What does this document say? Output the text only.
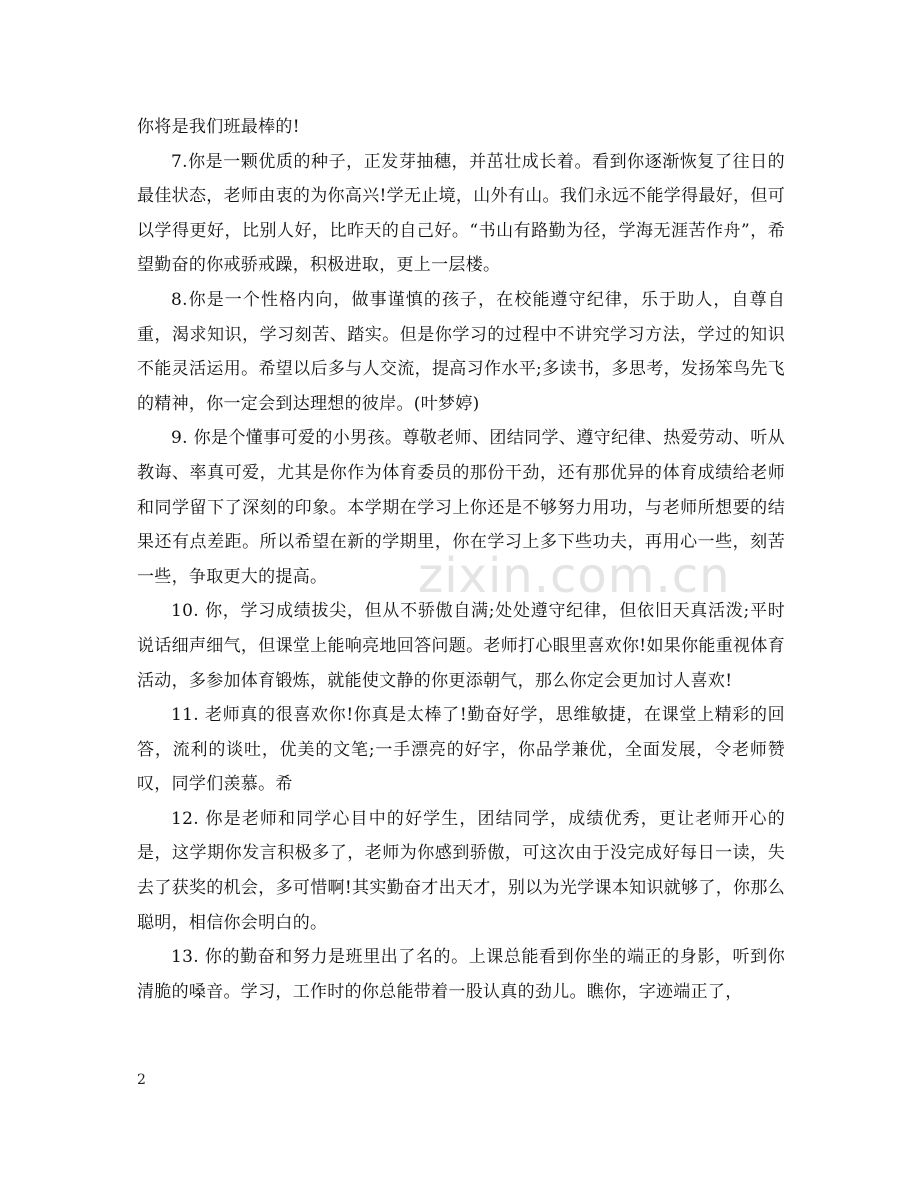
你将是我们班最棒的!

7.你是一颗优质的种子，正发芽抽穗，并茁壮成长着。看到你逐渐恢复了往日的最佳状态，老师由衷的为你高兴!学无止境，山外有山。我们永远不能学得最好，但可以学得更好，比别人好，比昨天的自己好。“书山有路勤为径，学海无涯苦作舟”，希望勤奋的你戒骄戒躁，积极进取，更上一层楼。

8.你是一个性格内向，做事谨慎的孩子，在校能遵守纪律，乐于助人，自尊自重，渴求知识，学习刻苦、踏实。但是你学习的过程中不讲究学习方法，学过的知识不能灵活运用。希望以后多与人交流，提高习作水平;多读书，多思考，发扬笨鸟先飞的精神，你一定会到达理想的彼岸。(叶梦婷)

9. 你是个懂事可爱的小男孩。尊敬老师、团结同学、遵守纪律、热爱劳动、听从教诲、率真可爱，尤其是你作为体育委员的那份干劲，还有那优异的体育成绩给老师和同学留下了深刻的印象。本学期在学习上你还是不够努力用功，与老师所想要的结果还有点差距。所以希望在新的学期里，你在学习上多下些功夫，再用心一些，刻苦一些，争取更大的提高。

10. 你，学习成绩拔尖，但从不骄傲自满;处处遵守纪律，但依旧天真活泼;平时说话细声细气，但课堂上能响亮地回答问题。老师打心眼里喜欢你!如果你能重视体育活动，多参加体育锻炼，就能使文静的你更添朝气，那么你定会更加讨人喜欢!

11. 老师真的很喜欢你!你真是太棒了!勤奋好学，思维敏捷，在课堂上精彩的回答，流利的谈吐，优美的文笔;一手漂亮的好字，你品学兼优，全面发展，令老师赞叹，同学们羡慕。希

12. 你是老师和同学心目中的好学生，团结同学，成绩优秀，更让老师开心的是，这学期你发言积极多了，老师为你感到骄傲，可这次由于没完成好每日一读，失去了获奖的机会，多可惜啊!其实勤奋才出天才，别以为光学课本知识就够了，你那么聪明，相信你会明白的。

13. 你的勤奋和努力是班里出了名的。上课总能看到你坐的端正的身影，听到你清脆的嗓音。学习，工作时的你总能带着一股认真的劲儿。瞧你，字迹端正了，

zixin.com.cn
2
